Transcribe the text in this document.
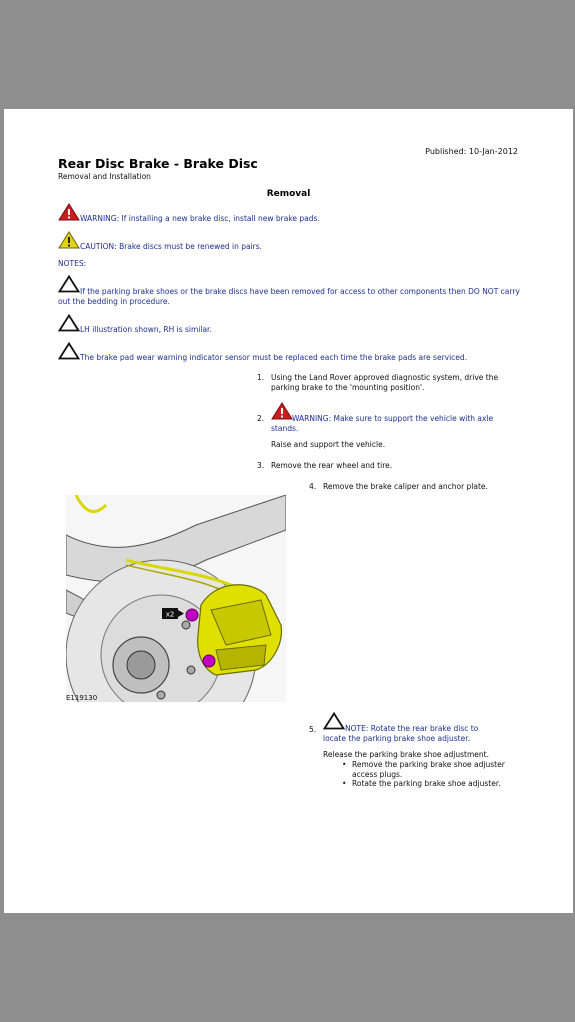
Published: 10-Jan-2012
Rear Disc Brake - Brake Disc
Removal and Installation
Removal
WARNING: If installing a new brake disc, install new brake pads.
CAUTION: Brake discs must be renewed in pairs.
NOTES:
If the parking brake shoes or the brake discs have been removed for access to other components then DO NOT carry out the bedding in procedure.
LH illustration shown, RH is similar.
The brake pad wear warning indicator sensor must be replaced each time the brake pads are serviced.
1. Using the Land Rover approved diagnostic system, drive the parking brake to the 'mounting position'.
2.	WARNING: Make sure to support the vehicle with axle stands.
Raise and support the vehicle.
3. Remove the rear wheel and tire.
4. Remove the brake caliper and anchor plate.
x2
E119130
5.	NOTE: Rotate the rear brake disc to locate the parking brake shoe adjuster.
Release the parking brake shoe adjustment.
• Remove the parking brake shoe adjuster access plugs.
• Rotate the parking brake shoe adjuster.
